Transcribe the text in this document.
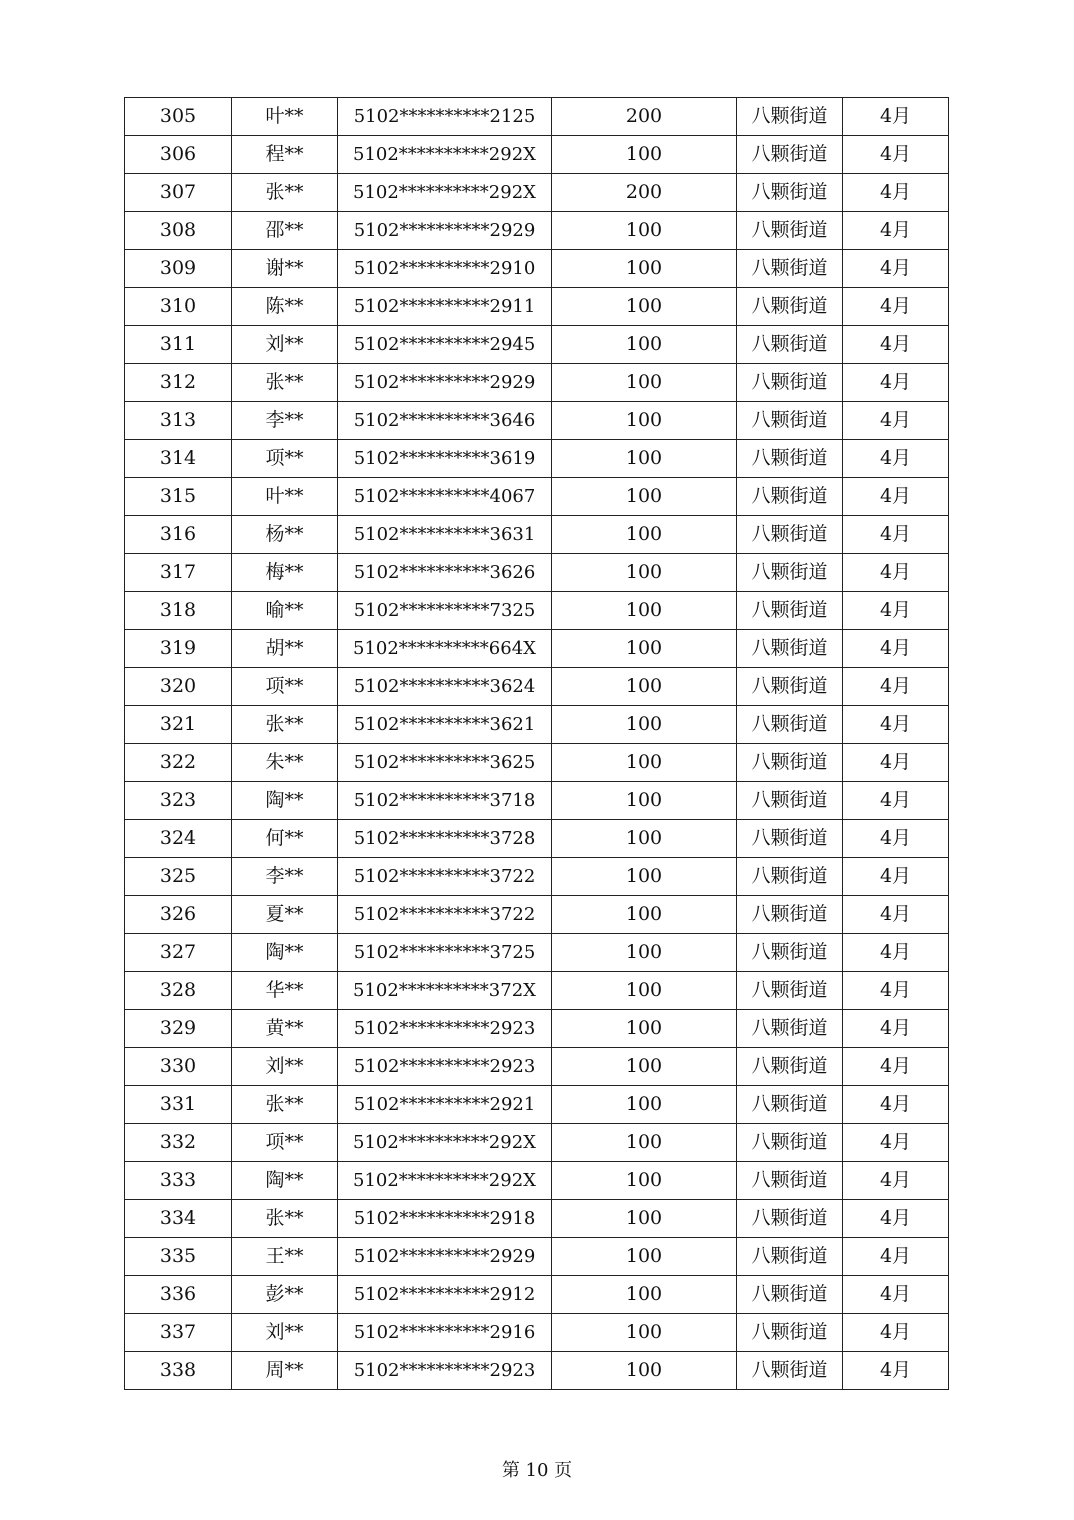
305	叶**	5102**********2125	200	八颗街道	4月
306	程**	5102**********292X	100	八颗街道	4月
307	张**	5102**********292X	200	八颗街道	4月
308	邵**	5102**********2929	100	八颗街道	4月
309	谢**	5102**********2910	100	八颗街道	4月
310	陈**	5102**********2911	100	八颗街道	4月
311	刘**	5102**********2945	100	八颗街道	4月
312	张**	5102**********2929	100	八颗街道	4月
313	李**	5102**********3646	100	八颗街道	4月
314	项**	5102**********3619	100	八颗街道	4月
315	叶**	5102**********4067	100	八颗街道	4月
316	杨**	5102**********3631	100	八颗街道	4月
317	梅**	5102**********3626	100	八颗街道	4月
318	喻**	5102**********7325	100	八颗街道	4月
319	胡**	5102**********664X	100	八颗街道	4月
320	项**	5102**********3624	100	八颗街道	4月
321	张**	5102**********3621	100	八颗街道	4月
322	朱**	5102**********3625	100	八颗街道	4月
323	陶**	5102**********3718	100	八颗街道	4月
324	何**	5102**********3728	100	八颗街道	4月
325	李**	5102**********3722	100	八颗街道	4月
326	夏**	5102**********3722	100	八颗街道	4月
327	陶**	5102**********3725	100	八颗街道	4月
328	华**	5102**********372X	100	八颗街道	4月
329	黄**	5102**********2923	100	八颗街道	4月
330	刘**	5102**********2923	100	八颗街道	4月
331	张**	5102**********2921	100	八颗街道	4月
332	项**	5102**********292X	100	八颗街道	4月
333	陶**	5102**********292X	100	八颗街道	4月
334	张**	5102**********2918	100	八颗街道	4月
335	王**	5102**********2929	100	八颗街道	4月
336	彭**	5102**********2912	100	八颗街道	4月
337	刘**	5102**********2916	100	八颗街道	4月
338	周**	5102**********2923	100	八颗街道	4月
第 10 页
